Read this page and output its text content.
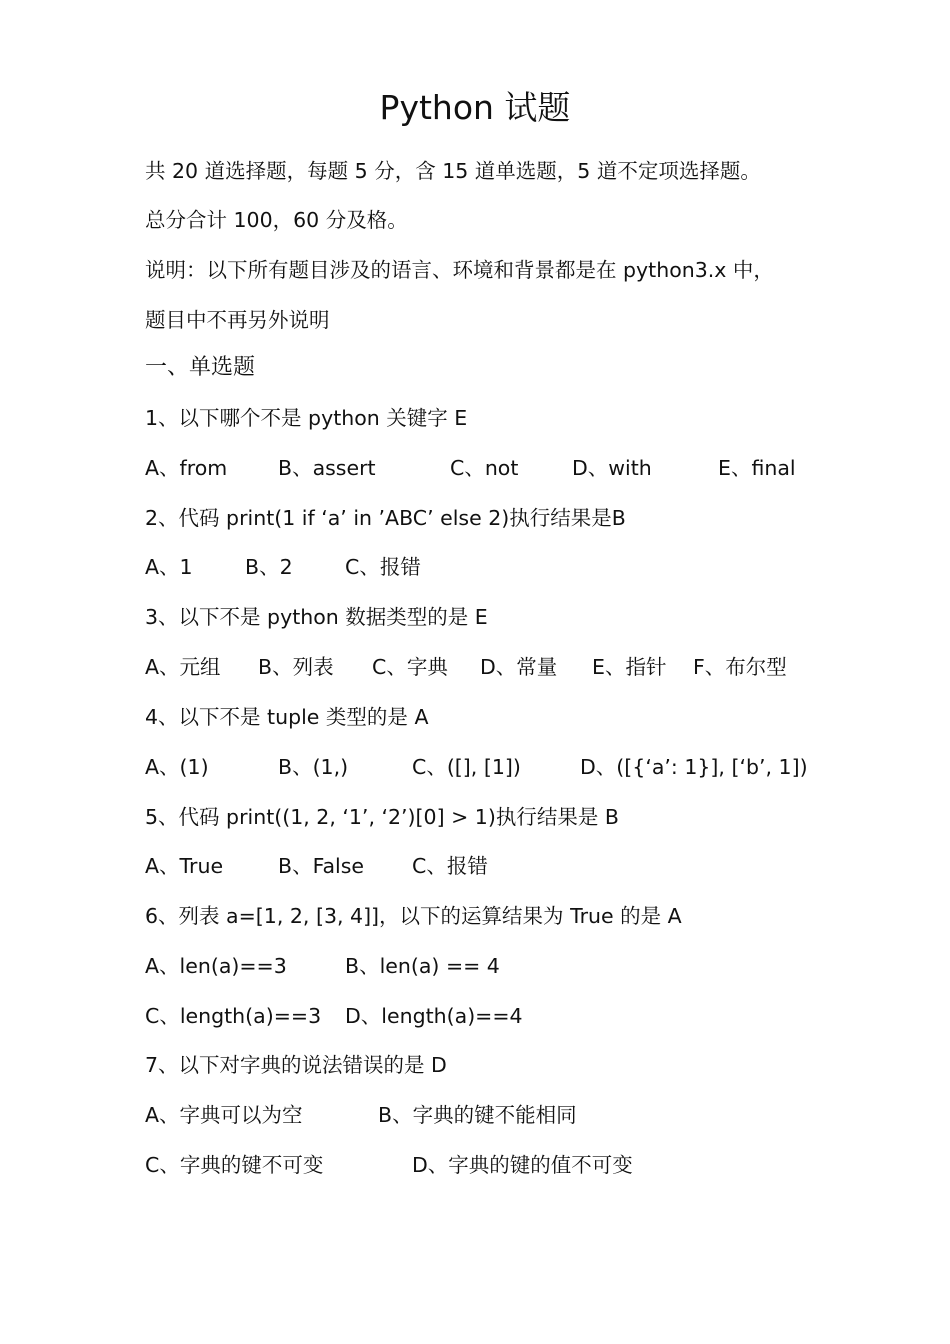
Python 试题
共 20 道选择题，每题 5 分，含 15 道单选题，5 道不定项选择题。
总分合计 100，60 分及格。
说明：以下所有题目涉及的语言、环境和背景都是在 python3.x 中，
题目中不再另外说明
一、单选题
1、以下哪个不是 python 关键字 E
A、from B、assert	C、not	D、with	E、final
2、代码 print(1 if ‘a’ in ’ABC’ else 2)执行结果是B
A、1	B、2	C、报错
3、以下不是 python 数据类型的是 E
A、元组 B、列表 C、字典 D、常量 E、指针 F、布尔型
4、以下不是 tuple 类型的是 A
A、(1)	B、(1,)	C、([], [1])	D、([{‘a’: 1}], [‘b’, 1])
5、代码 print((1, 2, ‘1’, ‘2’)[0] > 1)执行结果是 B
A、True	B、False C、报错
6、列表 a=[1, 2, [3, 4]]，以下的运算结果为 True 的是 A
A、len(a)==3	B、len(a) == 4
C、length(a)==3 D、length(a)==4
7、以下对字典的说法错误的是 D
A、字典可以为空	B、字典的键不能相同
C、字典的键不可变	D、字典的键的值不可变
